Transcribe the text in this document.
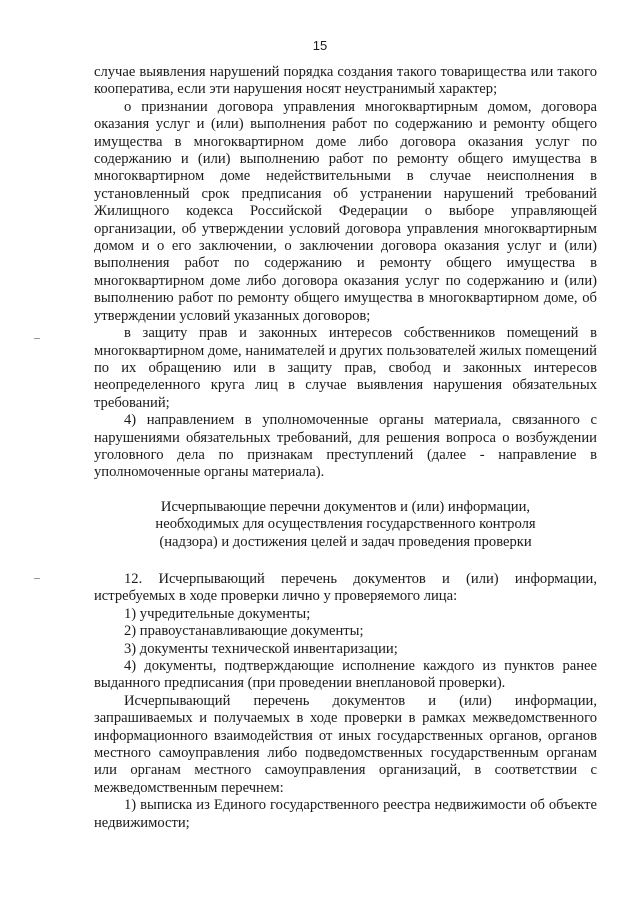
15

случае выявления нарушений порядка создания такого товарищества или такого кооператива, если эти нарушения носят неустранимый характер;

о признании договора управления многоквартирным домом, договора оказания услуг и (или) выполнения работ по содержанию и ремонту общего имущества в многоквартирном доме либо договора оказания услуг по содержанию и (или) выполнению работ по ремонту общего имущества в многоквартирном доме недействительными в случае неисполнения в установленный срок предписания об устранении нарушений требований Жилищного кодекса Российской Федерации о выборе управляющей организации, об утверждении условий договора управления многоквартирным домом и о его заключении, о заключении договора оказания услуг и (или) выполнения работ по содержанию и ремонту общего имущества в многоквартирном доме либо договора оказания услуг по содержанию и (или) выполнению работ по ремонту общего имущества в многоквартирном доме, об утверждении условий указанных договоров;

в защиту прав и законных интересов собственников помещений в многоквартирном доме, нанимателей и других пользователей жилых помещений по их обращению или в защиту прав, свобод и законных интересов неопределенного круга лиц в случае выявления нарушения обязательных требований;

4) направлением в уполномоченные органы материала, связанного с нарушениями обязательных требований, для решения вопроса о возбуждении уголовного дела по признакам преступлений (далее - направление в уполномоченные органы материала).

Исчерпывающие перечни документов и (или) информации, необходимых для осуществления государственного контроля (надзора) и достижения целей и задач проведения проверки

12. Исчерпывающий перечень документов и (или) информации, истребуемых в ходе проверки лично у проверяемого лица:

1) учредительные документы;

2) правоустанавливающие документы;

3) документы технической инвентаризации;

4) документы, подтверждающие исполнение каждого из пунктов ранее выданного предписания (при проведении внеплановой проверки).

Исчерпывающий перечень документов и (или) информации, запрашиваемых и получаемых в ходе проверки в рамках межведомственного информационного взаимодействия от иных государственных органов, органов местного самоуправления либо подведомственных государственным органам или органам местного самоуправления организаций, в соответствии с межведомственным перечнем:

1) выписка из Единого государственного реестра недвижимости об объекте недвижимости;
